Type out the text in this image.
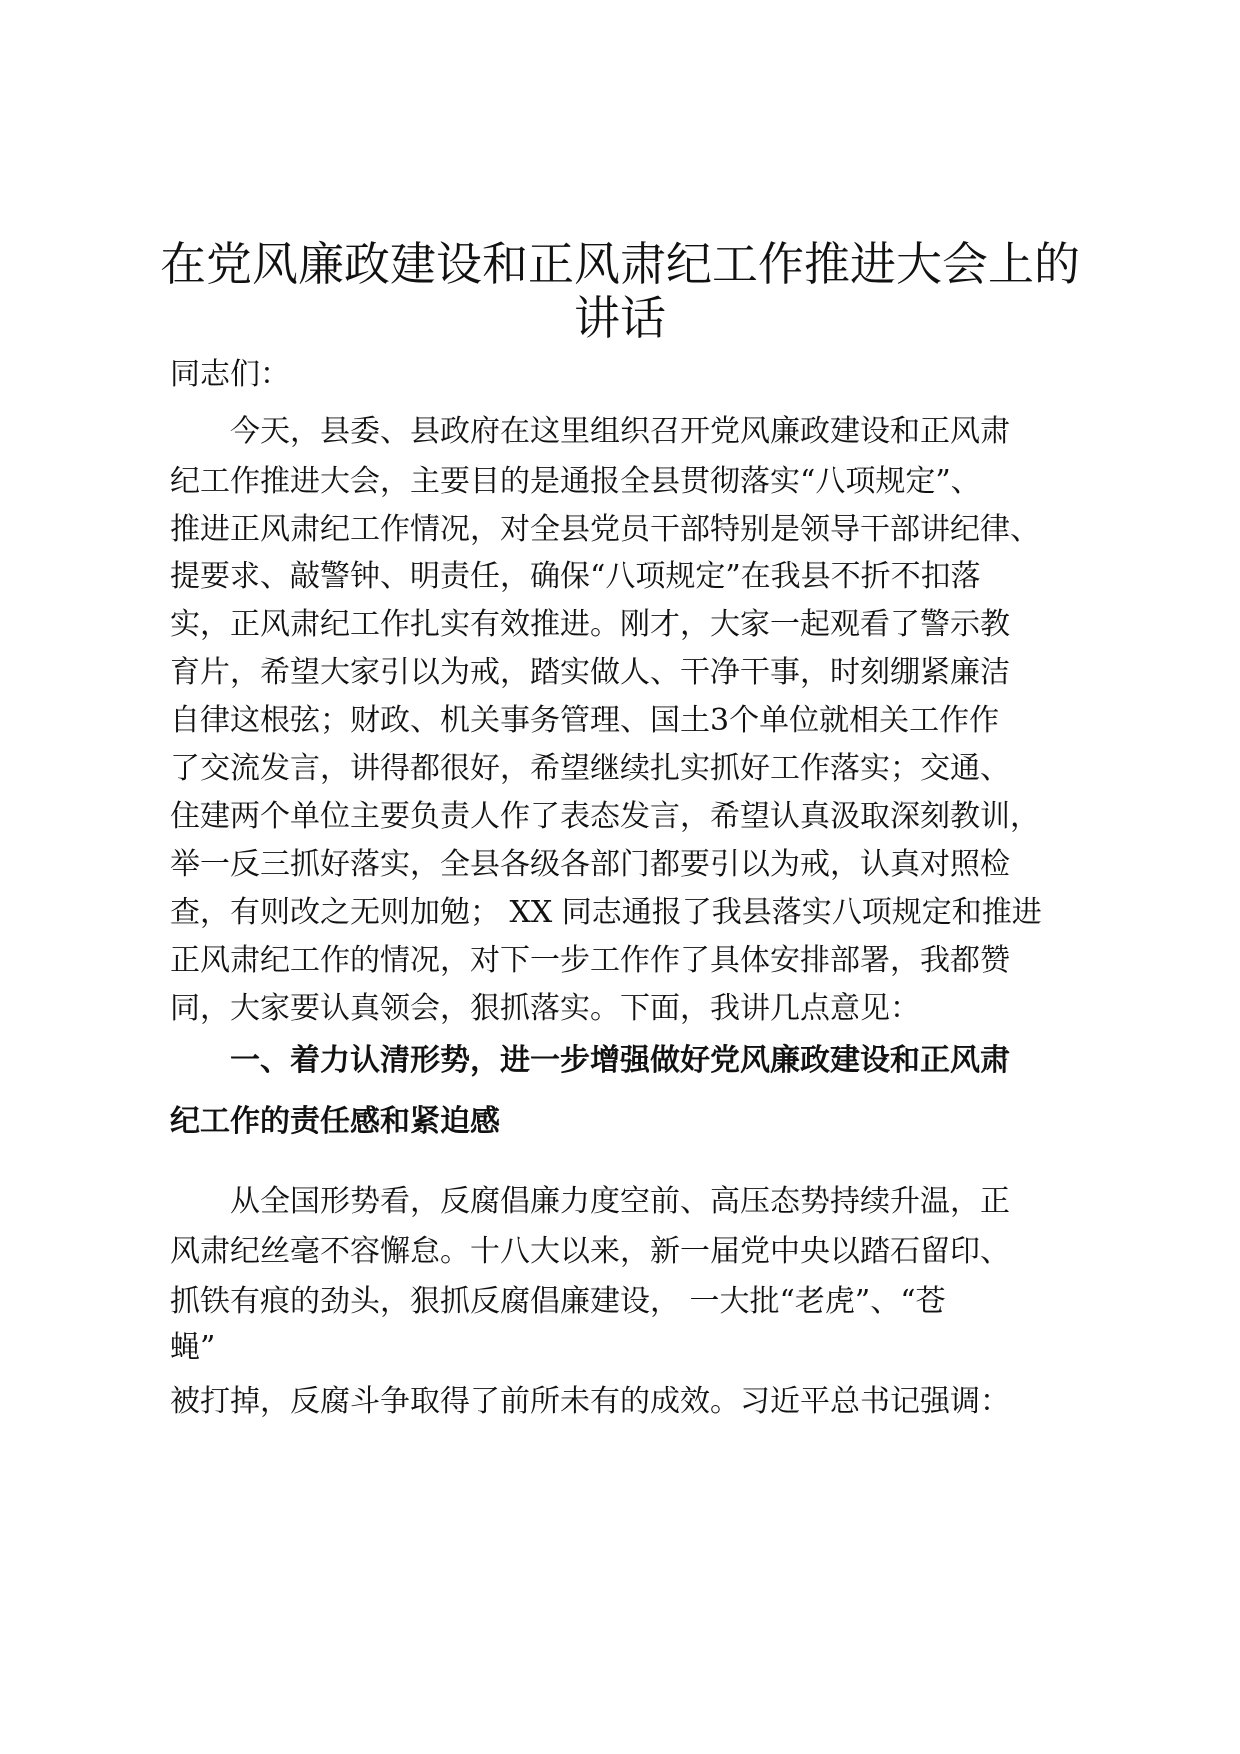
在党风廉政建设和正风肃纪工作推进大会上的
讲话

同志们：

今天，县委、县政府在这里组织召开党风廉政建设和正风肃

纪工作推进大会，主要目的是通报全县贯彻落实“八项规定”、

推进正风肃纪工作情况，对全县党员干部特别是领导干部讲纪律、

提要求、敲警钟、明责任，确保“八项规定”在我县不折不扣落

实，正风肃纪工作扎实有效推进。刚才，大家一起观看了警示教

育片，希望大家引以为戒，踏实做人、干净干事，时刻绷紧廉洁

自律这根弦；财政、机关事务管理、国土3个单位就相关工作作

了交流发言，讲得都很好，希望继续扎实抓好工作落实；交通、

住建两个单位主要负责人作了表态发言，希望认真汲取深刻教训，

举一反三抓好落实，全县各级各部门都要引以为戒，认真对照检

查，有则改之无则加勉； XX 同志通报了我县落实八项规定和推进

正风肃纪工作的情况，对下一步工作作了具体安排部署，我都赞

同，大家要认真领会，狠抓落实。下面，我讲几点意见：

一、着力认清形势，进一步增强做好党风廉政建设和正风肃

纪工作的责任感和紧迫感

从全国形势看，反腐倡廉力度空前、高压态势持续升温，正

风肃纪丝毫不容懈怠。十八大以来，新一届党中央以踏石留印、

抓铁有痕的劲头，狠抓反腐倡廉建设， 一大批“老虎”、“苍

蝇”

被打掉，反腐斗争取得了前所未有的成效。习近平总书记强调：
